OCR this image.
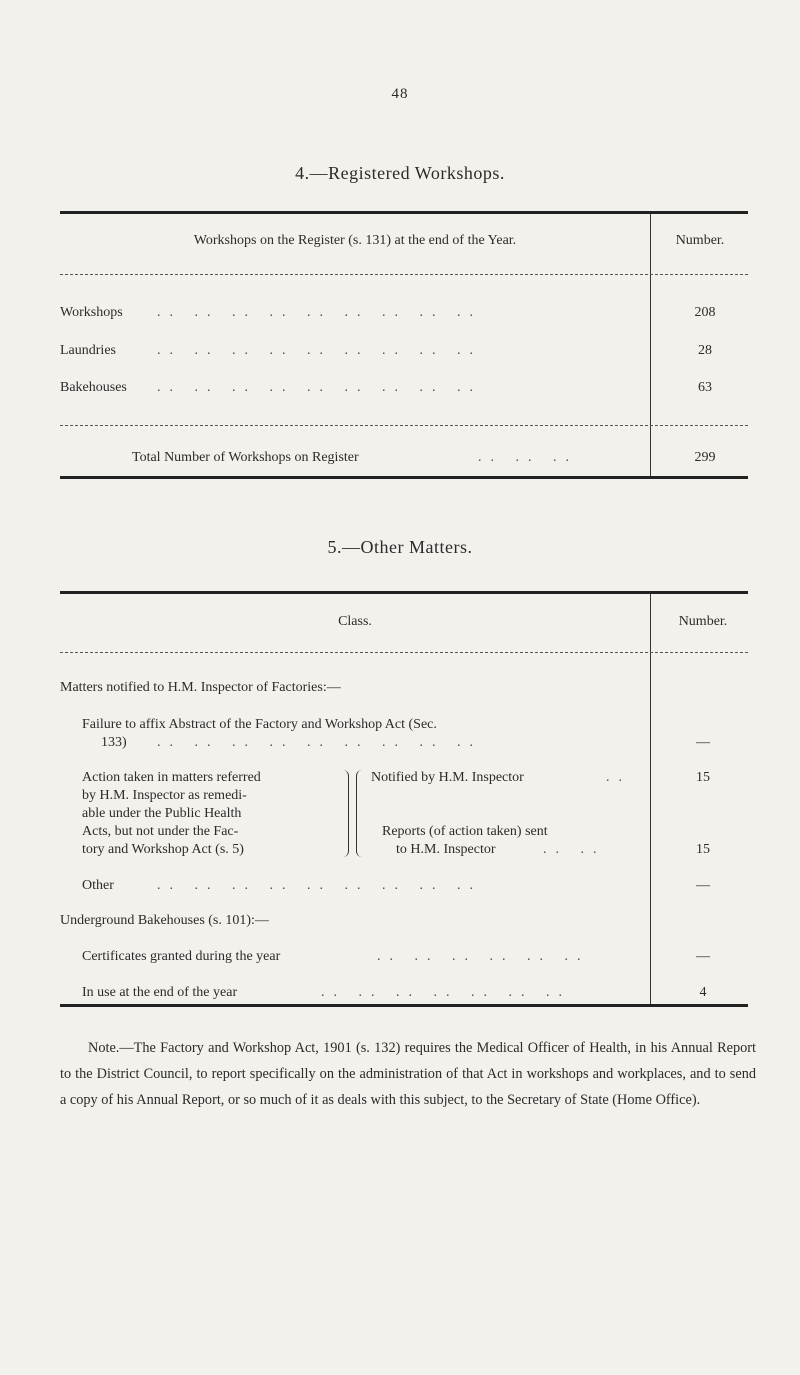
48
4.—Registered Workshops.
Workshops on the Register (s. 131) at the end of the Year.	Number.
Workshops .. .. .. .. .. .. .. .. ..	208
Laundries	.. .. .. .. .. .. .. .. ..	28
Bakehouses .. .. .. .. .. .. .. .. ..	63
Total Number of Workshops on Register	.. .. ..	299
5.—Other Matters.
Class.	Number.
Matters notified to H.M. Inspector of Factories:—
Failure to affix Abstract of the Factory and Workshop Act (Sec.
133) .. .. .. .. .. .. .. .. ..	—
Action taken in matters referred
by H.M. Inspector as remedi-
able under the Public Health
Acts, but not under the Fac-
tory and Workshop Act (s. 5)
Notified by H.M. Inspector	..	15
Reports (of action taken) sent
to H.M. Inspector	.. ..	15
Other	.. .. .. .. .. .. .. .. ..	—
Underground Bakehouses (s. 101):—
Certificates granted during the year	.. .. .. .. .. ..	—
In use at the end of the year	.. .. .. .. .. .. ..	4
Note.—The Factory and Workshop Act, 1901 (s. 132) requires the Medical Officer of Health, in his Annual Report to the District Council, to report specifically on the administration of that Act in workshops and workplaces, and to send a copy of his Annual Report, or so much of it as deals with this subject, to the Secretary of State (Home Office).
